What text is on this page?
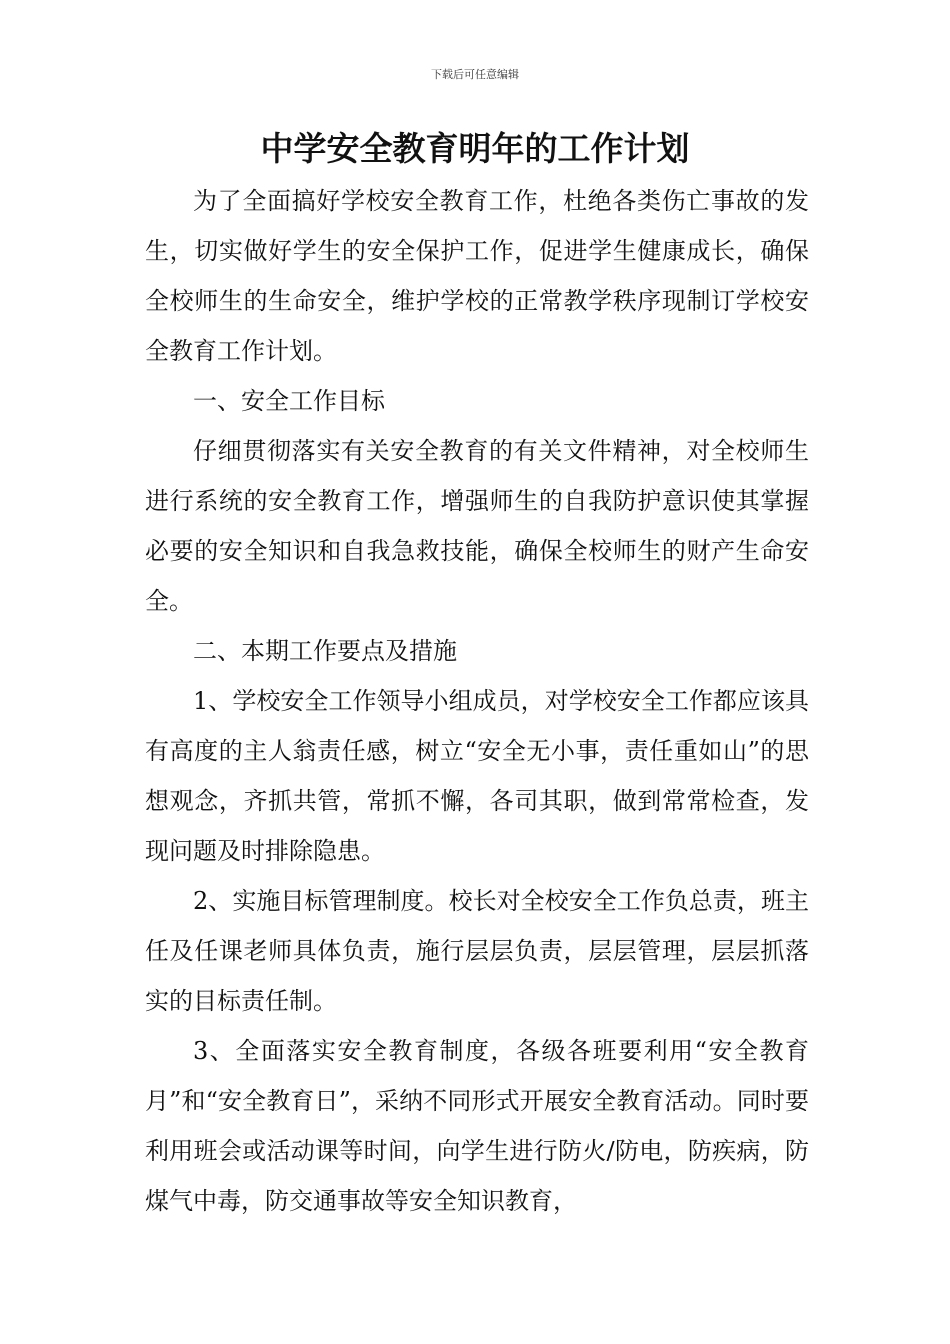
下载后可任意编辑
中学安全教育明年的工作计划

为了全面搞好学校安全教育工作，杜绝各类伤亡事故的发生，切实做好学生的安全保护工作，促进学生健康成长，确保全校师生的生命安全，维护学校的正常教学秩序现制订学校安全教育工作计划。

一、安全工作目标

仔细贯彻落实有关安全教育的有关文件精神，对全校师生进行系统的安全教育工作，增强师生的自我防护意识使其掌握必要的安全知识和自我急救技能，确保全校师生的财产生命安全。

二、本期工作要点及措施

1、学校安全工作领导小组成员，对学校安全工作都应该具有高度的主人翁责任感，树立“安全无小事，责任重如山”的思想观念，齐抓共管，常抓不懈，各司其职，做到常常检查，发现问题及时排除隐患。

2、实施目标管理制度。校长对全校安全工作负总责，班主任及任课老师具体负责，施行层层负责，层层管理，层层抓落实的目标责任制。

3、全面落实安全教育制度，各级各班要利用“安全教育月”和“安全教育日”，采纳不同形式开展安全教育活动。同时要利用班会或活动课等时间，向学生进行防火/防电，防疾病，防煤气中毒，防交通事故等安全知识教育，
